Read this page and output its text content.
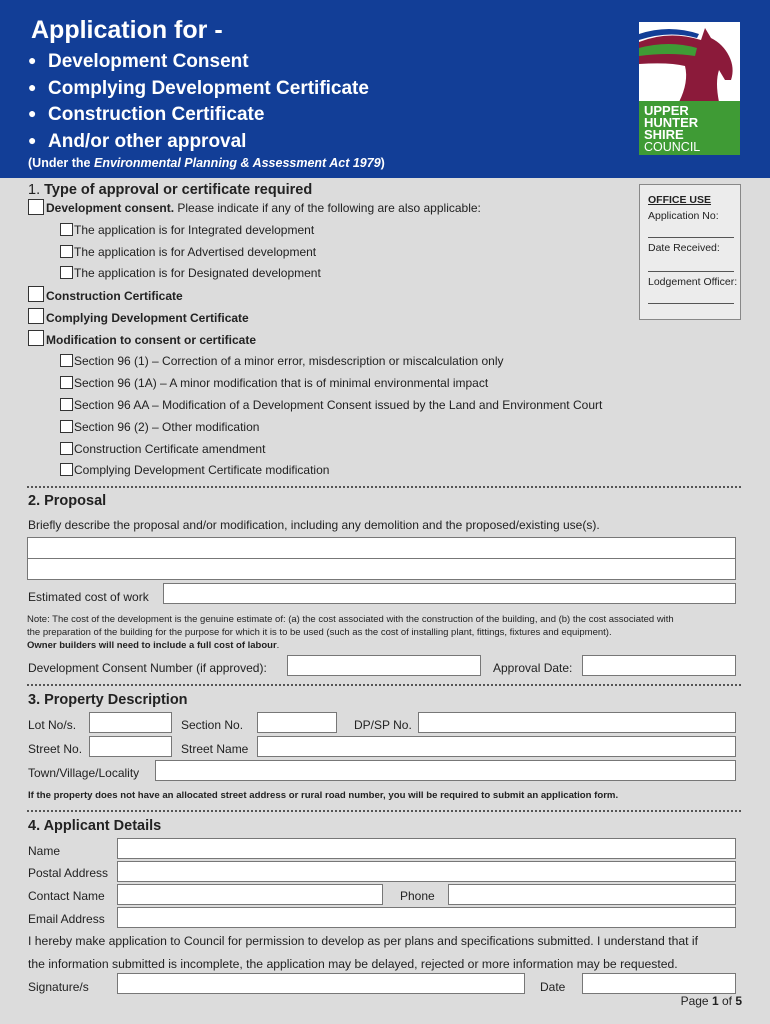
Application for -
● Development Consent
● Complying Development Certificate
● Construction Certificate
● And/or other approval
(Under the Environmental Planning & Assessment Act 1979)
UPPER
HUNTER
SHIRE
COUNCIL
OFFICE USE
Application No:
Date Received:
Lodgement Officer:
1. Type of approval or certificate required
Development consent. Please indicate if any of the following are also applicable:
The application is for Integrated development
The application is for Advertised development
The application is for Designated development
Construction Certificate
Complying Development Certificate
Modification to consent or certificate
Section 96 (1) – Correction of a minor error, misdescription or miscalculation only
Section 96 (1A) – A minor modification that is of minimal environmental impact
Section 96 AA – Modification of a Development Consent issued by the Land and Environment Court
Section 96 (2) – Other modification
Construction Certificate amendment
Complying Development Certificate modification
2. Proposal
Briefly describe the proposal and/or modification, including any demolition and the proposed/existing use(s).
Estimated cost of work
Note: The cost of the development is the genuine estimate of: (a) the cost associated with the construction of the building, and (b) the cost associated with
the preparation of the building for the purpose for which it is to be used (such as the cost of installing plant, fittings, fixtures and equipment).
Owner builders will need to include a full cost of labour.
Development Consent Number (if approved):	Approval Date:
3. Property Description
Lot No/s.	Section No.	DP/SP No.
Street No.	Street Name
Town/Village/Locality
If the property does not have an allocated street address or rural road number, you will be required to submit an application form.
4. Applicant Details
Name
Postal Address
Contact Name	Phone
Email Address
I hereby make application to Council for permission to develop as per plans and specifications submitted. I understand that if
the information submitted is incomplete, the application may be delayed, rejected or more information may be requested.
Signature/s	Date
Page 1 of 5
